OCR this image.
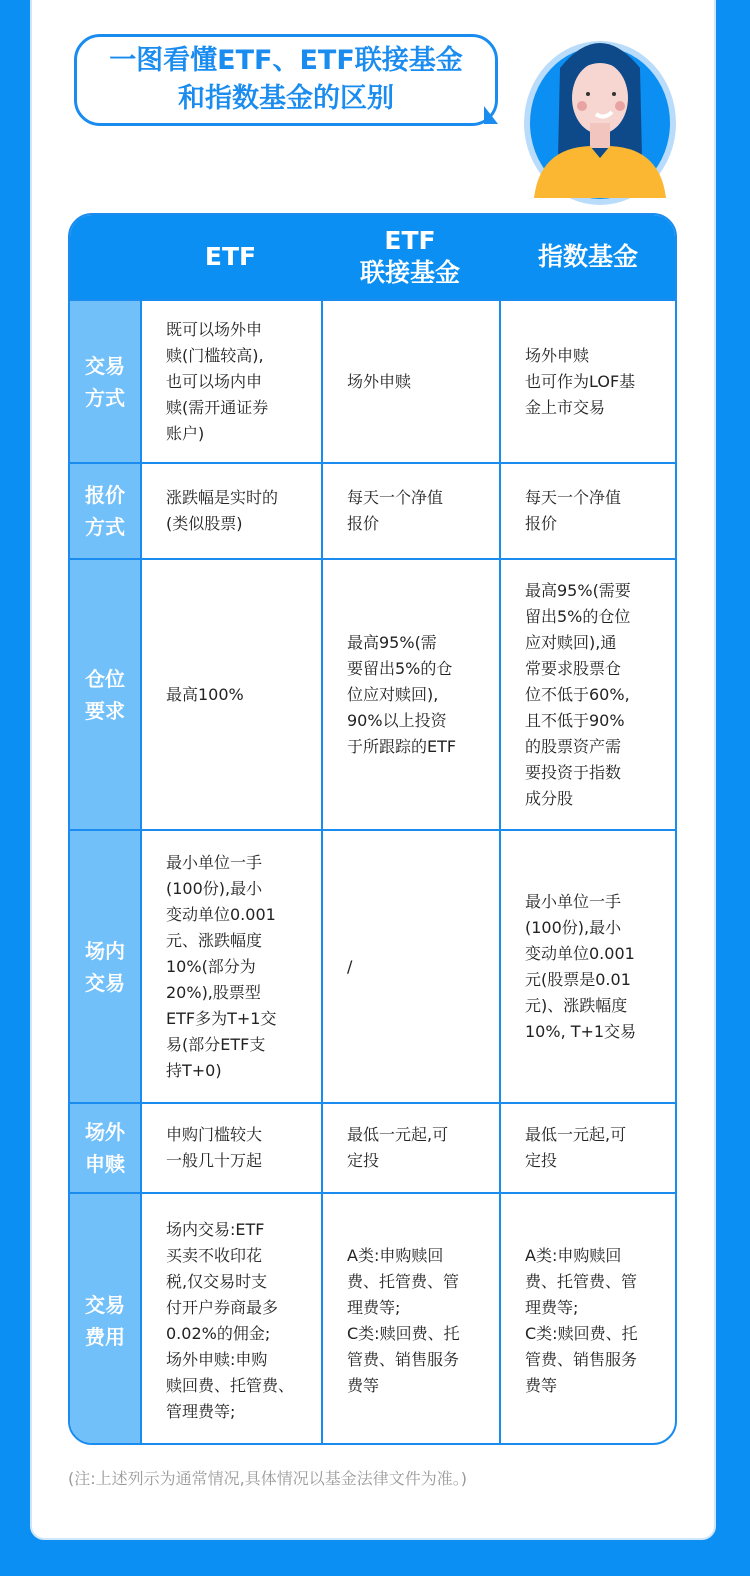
一图看懂ETF、ETF联接基金
和指数基金的区别
ETF
ETF
联接基金
指数基金
交易
方式
既可以场外申
赎(门槛较高),
也可以场内申
赎(需开通证券
账户)
场外申赎
场外申赎
也可作为LOF基
金上市交易
报价
方式
涨跌幅是实时的
(类似股票)
每天一个净值
报价
每天一个净值
报价
仓位
要求
最高100%
最高95%(需
要留出5%的仓
位应对赎回),
90%以上投资
于所跟踪的ETF
最高95%(需要
留出5%的仓位
应对赎回),通
常要求股票仓
位不低于60%,
且不低于90%
的股票资产需
要投资于指数
成分股
场内
交易
最小单位一手
(100份),最小
变动单位0.001
元、涨跌幅度
10%(部分为
20%),股票型
ETF多为T+1交
易(部分ETF支
持T+0)
/
最小单位一手
(100份),最小
变动单位0.001
元(股票是0.01
元)、涨跌幅度
10%, T+1交易
场外
申赎
申购门槛较大
一般几十万起
最低一元起,可
定投
最低一元起,可
定投
交易
费用
场内交易:ETF
买卖不收印花
税,仅交易时支
付开户券商最多
0.02%的佣金;
场外申赎:申购
赎回费、托管费、
管理费等;
A类:申购赎回
费、托管费、管
理费等;
C类:赎回费、托
管费、销售服务
费等
A类:申购赎回
费、托管费、管
理费等;
C类:赎回费、托
管费、销售服务
费等
(注:上述列示为通常情况,具体情况以基金法律文件为准。)
